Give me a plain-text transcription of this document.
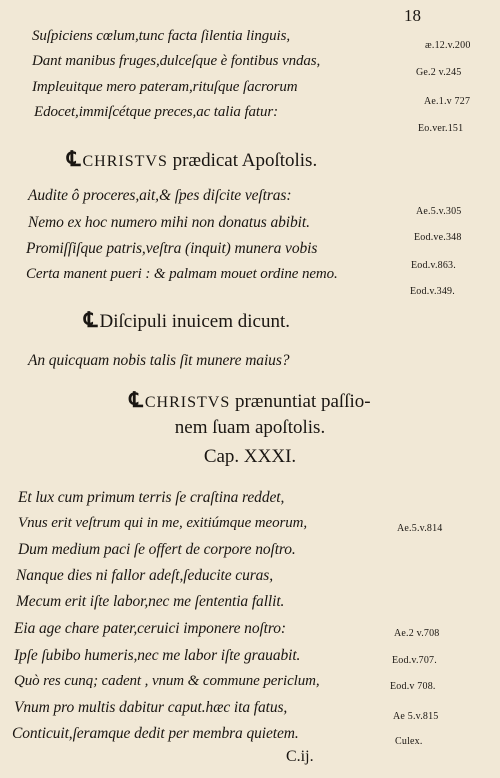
18
Suſpiciens cœlum,tunc facta ſilentia linguis,
æ.12.v.200
Dant manibus fruges,dulceſque è fontibus vndas,
Ge.2 v.245
Impleuitque mero pateram,rituſque ſacrorum
Ae.1.v 727
Edocet,immiſcétque preces,ac talia fatur:
Eo.ver.151
℄ CHRISTVS prædicat Apoſtolis.
Audite ô proceres,ait,& ſpes diſcite veſtras:
Ae.5.v.305
Nemo ex hoc numero mihi non donatus abibit.
Eod.ve.348
Promiſſiſque patris,veſtra (inquit) munera vobis
Eod.v.863.
Certa manent pueri : & palmam mouet ordine nemo.
Eod.v.349.
℄ Diſcipuli inuicem dicunt.
An quicquam nobis talis ſit munere maius?
℄ CHRISTVS prænuntiat paſſio-
nem ſuam apoſtolis.
Cap. XXXI.
Et lux cum primum terris ſe craſtina reddet,
Vnus erit veſtrum qui in me, exitiúmque meorum,	Ae.5.v.814
Dum medium paci ſe offert de corpore noſtro.
Nanque dies ni fallor adeſt,ſeducite curas,
Mecum erit iſte labor,nec me ſententia fallit.
Eia age chare pater,ceruici imponere noſtro:	Ae.2 v.708
Ipſe ſubibo humeris,nec me labor iſte grauabit.	Eod.v.707.
Quò res cunq; cadent , vnum & commune periclum,	Eod.v 708.
Vnum pro multis dabitur caput.hæc ita fatus,
Ae 5.v.815
Conticuit,ſeramque dedit per membra quietem.	Culex.
C.ij.
